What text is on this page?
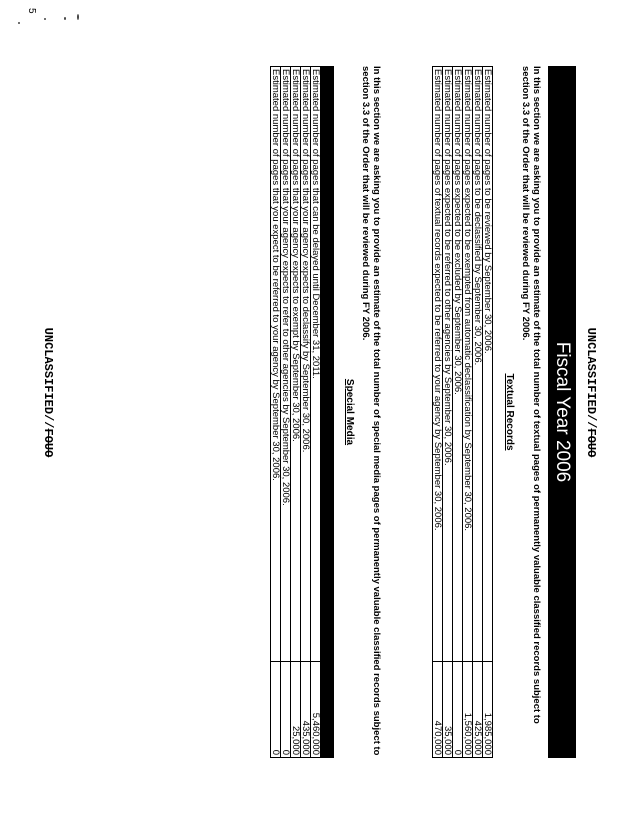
UNCLASSIFIED//FOUO
Fiscal Year 2006
In this section we are asking you to provide an estimate of the total number of textual pages of permanently valuable classified records subject to section 3.3 of the Order that will be reviewed during FY 2006.
Textual Records
Estimated number of pages to be reviewed by September 30, 2006.	1,985,000
Estimated number of pages to be declassified by September 30, 2006.	425,000
Estimated number of pages expected to be exempted from automatic declassification by September 30, 2006.	1,560,000
Estimated number of pages expected to be excluded by September 30, 2006.	0
Estimated number of pages expected to be referred to other agencies by September 30, 2006.	35,000
Estimated number of pages of textual records expected to be referred to your agency by September 30, 2006.	470,000
In this section we are asking you to provide an estimate of the total number of special media pages of permanently valuable classified records subject to section 3.3 of the Order that will be reviewed during FY 2006.
Special Media

Estimated number of pages that can be delayed until December 31, 2011.	5,460,000
Estimated number of pages that your agency expects to declassify by September 30, 2006.	435,000
Estimated number of pages that your agency expects to exempt by September 30, 2006.	25,000
Estimated number of pages that your agency expects to refer to other agencies by September 30, 2006.	0
Estimated number of pages that you expect to be referred to your agency by September 30, 2006.	0
UNCLASSIFIED//FOUO
5
